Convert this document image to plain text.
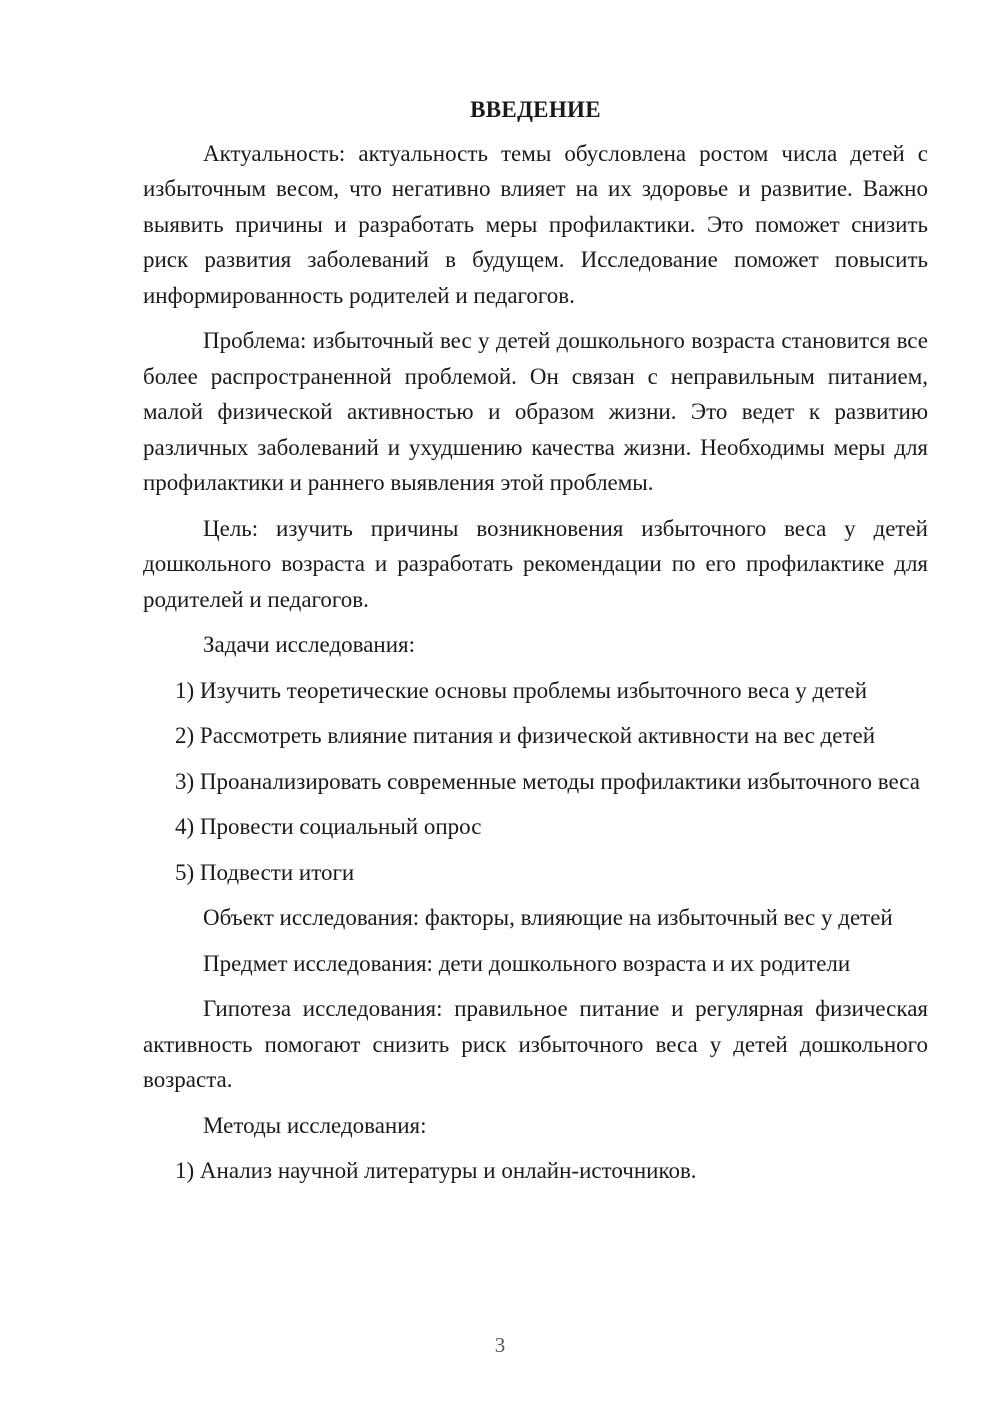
ВВЕДЕНИЕ

Актуальность: актуальность темы обусловлена ростом числа детей с избыточным весом, что негативно влияет на их здоровье и развитие. Важно выявить причины и разработать меры профилактики. Это поможет снизить риск развития заболеваний в будущем. Исследование поможет повысить информированность родителей и педагогов.

Проблема: избыточный вес у детей дошкольного возраста становится все более распространенной проблемой. Он связан с неправильным питанием, малой физической активностью и образом жизни. Это ведет к развитию различных заболеваний и ухудшению качества жизни. Необходимы меры для профилактики и раннего выявления этой проблемы.

Цель: изучить причины возникновения избыточного веса у детей дошкольного возраста и разработать рекомендации по его профилактике для родителей и педагогов.

Задачи исследования:

1) Изучить теоретические основы проблемы избыточного веса у детей

2) Рассмотреть влияние питания и физической активности на вес детей

3) Проанализировать современные методы профилактики избыточного веса

4) Провести социальный опрос

5) Подвести итоги

Объект исследования: факторы, влияющие на избыточный вес у детей

Предмет исследования: дети дошкольного возраста и их родители

Гипотеза исследования: правильное питание и регулярная физическая активность помогают снизить риск избыточного веса у детей дошкольного возраста.

Методы исследования:

1) Анализ научной литературы и онлайн-источников.

3
